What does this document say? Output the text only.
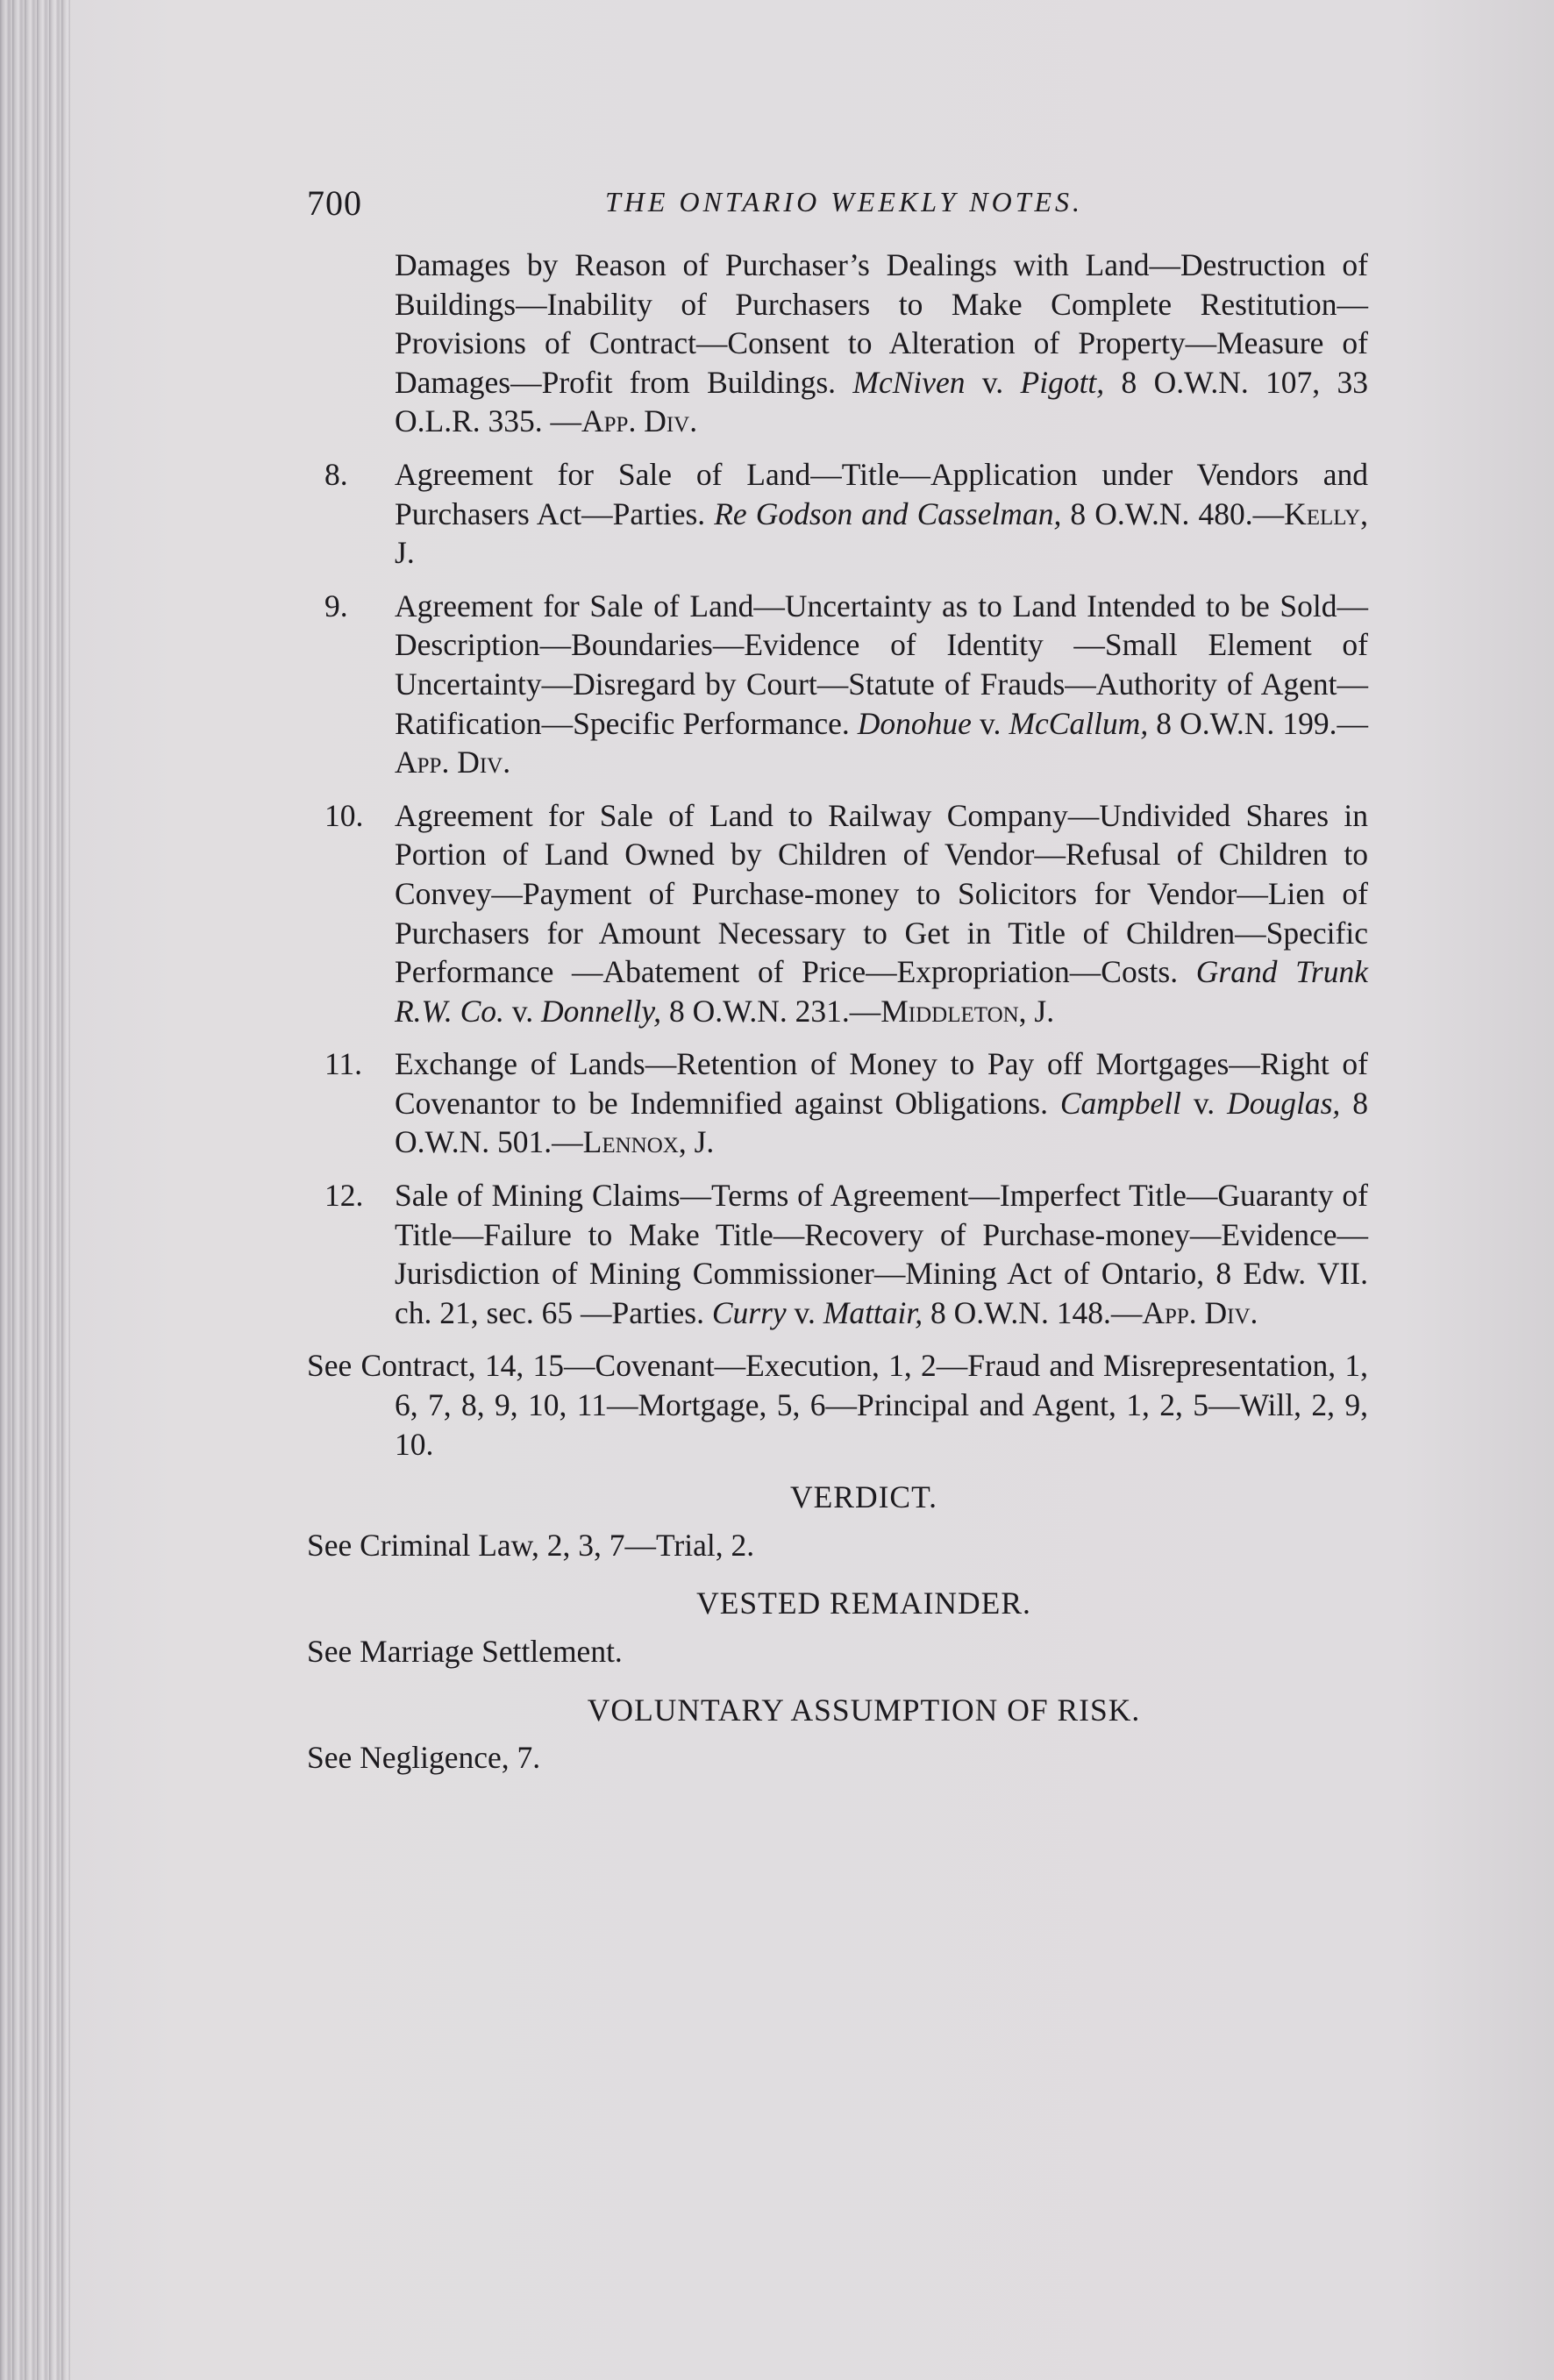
700	THE ONTARIO WEEKLY NOTES.
Damages by Reason of Purchaser’s Dealings with Land—Destruction of Buildings—Inability of Purchasers to Make Complete Restitution—Provisions of Contract—Consent to Alteration of Property—Measure of Damages—Profit from Buildings. McNiven v. Pigott, 8 O.W.N. 107, 33 O.L.R. 335. —App. Div.
8. Agreement for Sale of Land—Title—Application under Vendors and Purchasers Act—Parties. Re Godson and Casselman, 8 O.W.N. 480.—Kelly, J.
9. Agreement for Sale of Land—Uncertainty as to Land Intended to be Sold—Description—Boundaries—Evidence of Identity —Small Element of Uncertainty—Disregard by Court—Statute of Frauds—Authority of Agent—Ratification—Specific Performance. Donohue v. McCallum, 8 O.W.N. 199.—App. Div.
10. Agreement for Sale of Land to Railway Company—Undivided Shares in Portion of Land Owned by Children of Vendor—Refusal of Children to Convey—Payment of Purchase-money to Solicitors for Vendor—Lien of Purchasers for Amount Necessary to Get in Title of Children—Specific Performance —Abatement of Price—Expropriation—Costs. Grand Trunk R.W. Co. v. Donnelly, 8 O.W.N. 231.—Middleton, J.
11. Exchange of Lands—Retention of Money to Pay off Mortgages—Right of Covenantor to be Indemnified against Obligations. Campbell v. Douglas, 8 O.W.N. 501.—Lennox, J.
12. Sale of Mining Claims—Terms of Agreement—Imperfect Title—Guaranty of Title—Failure to Make Title—Recovery of Purchase-money—Evidence—Jurisdiction of Mining Commissioner—Mining Act of Ontario, 8 Edw. VII. ch. 21, sec. 65 —Parties. Curry v. Mattair, 8 O.W.N. 148.—App. Div.
See Contract, 14, 15—Covenant—Execution, 1, 2—Fraud and Misrepresentation, 1, 6, 7, 8, 9, 10, 11—Mortgage, 5, 6—Principal and Agent, 1, 2, 5—Will, 2, 9, 10.
VERDICT.
See Criminal Law, 2, 3, 7—Trial, 2.
VESTED REMAINDER.
See Marriage Settlement.
VOLUNTARY ASSUMPTION OF RISK.
See Negligence, 7.
